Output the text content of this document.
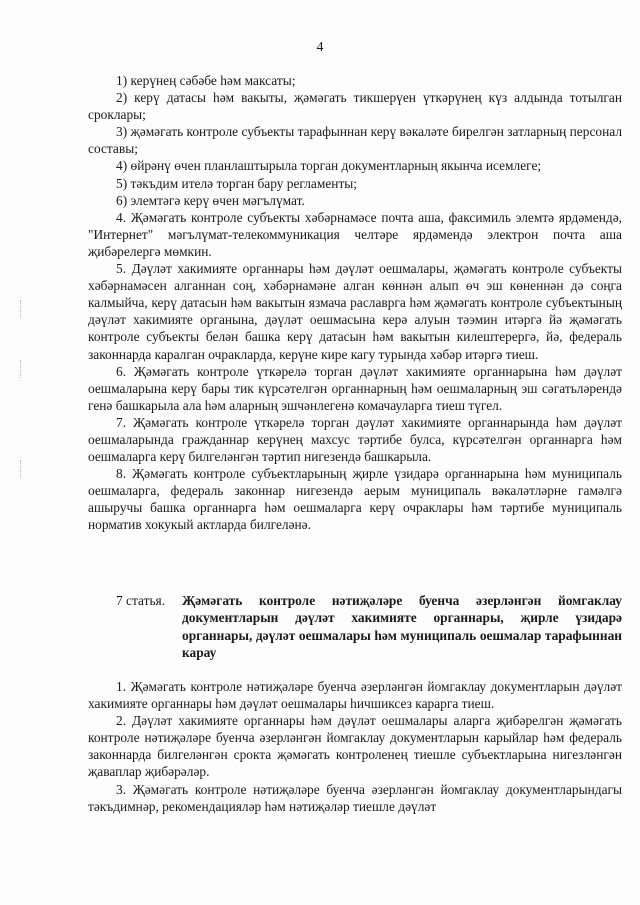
4

1) керүнең сәбәбе һәм максаты;

2) керү датасы һәм вакыты, җәмәгать тикшерүен үткәрүнең күз алдында тотылган сроклары;

3) җәмәгать контроле субъекты тарафыннан керү вәкаләте бирелгән затларның персонал составы;

4) өйрәнү өчен планлаштырыла торган документларның якынча исемлеге;

5) тәкъдим ителә торган бару регламенты;

6) элемтәгә керү өчен мәгълүмат.

4. Җәмәгать контроле субъекты хәбәрнамәсе почта аша, факсимиль элемтә ярдәмендә, "Интернет" мәгълүмат-телекоммуникация челтәре ярдәмендә электрон почта аша җибәрелергә мөмкин.

5. Дәүләт хакимияте органнары һәм дәүләт оешмалары, җәмәгать контроле субъекты хәбәрнамәсен алганнан соң, хәбәрнамәне алган көннән алып өч эш көненнән дә соңга калмыйча, керү датасын һәм вакытын язмача раславрга һәм җәмәгать контроле субъектының дәүләт хакимияте органына, дәүләт оешмасына керә алуын тәэмин итәргә йә җәмәгать контроле субъекты белән башка керү датасын һәм вакытын килештерергә, йә, федераль законнарда каралган очракларда, керүне кире кагу турында хәбәр итәргә тиеш.

6. Җәмәгать контроле үткәрелә торган дәүләт хакимияте органнарына һәм дәүләт оешмаларына керү бары тик күрсәтелгән органнарның һәм оешмаларның эш сәгатьләрендә генә башкарыла ала һәм аларның эшчәнлегенә комачауларга тиеш түгел.

7. Җәмәгать контроле үткәрелә торган дәүләт хакимияте органнарында һәм дәүләт оешмаларында гражданнар керүнең махсус тәртибе булса, күрсәтелгән органнарга һәм оешмаларга керү билгеләнгән тәртип нигезендә башкарыла.

8. Җәмәгать контроле субъектларының җирле үзидарә органнарына һәм муниципаль оешмаларга, федераль законнар нигезендә аерым муниципаль вәкаләтләрне гамәлгә ашыручы башка органнарга һәм оешмаларга керү очраклары һәм тәртибе муниципаль норматив хокукый актларда билгеләнә.

7 статья.	Җәмәгать контроле нәтиҗәләре буенча әзерләнгән йомгаклау документларын дәүләт хакимияте органнары, җирле үзидарә органнары, дәүләт оешмалары һәм муниципаль оешмалар тарафыннан карау

1. Җәмәгать контроле нәтиҗәләре буенча әзерләнгән йомгаклау документларын дәүләт хакимияте органнары һәм дәүләт оешмалары һичшиксез карарга тиеш.

2. Дәүләт хакимияте органнары һәм дәүләт оешмалары аларга җибәрелгән җәмәгать контроле нәтиҗәләре буенча әзерләнгән йомгаклау документларын карыйлар һәм федераль законнарда билгеләнгән срокта җәмәгать контроленең тиешле субъектларына нигезләнгән җаваплар җибәрәләр.

3. Җәмәгать контроле нәтиҗәләре буенча әзерләнгән йомгаклау документларындагы тәкъдимнәр, рекомендацияләр һәм нәтиҗәләр тиешле дәүләт
